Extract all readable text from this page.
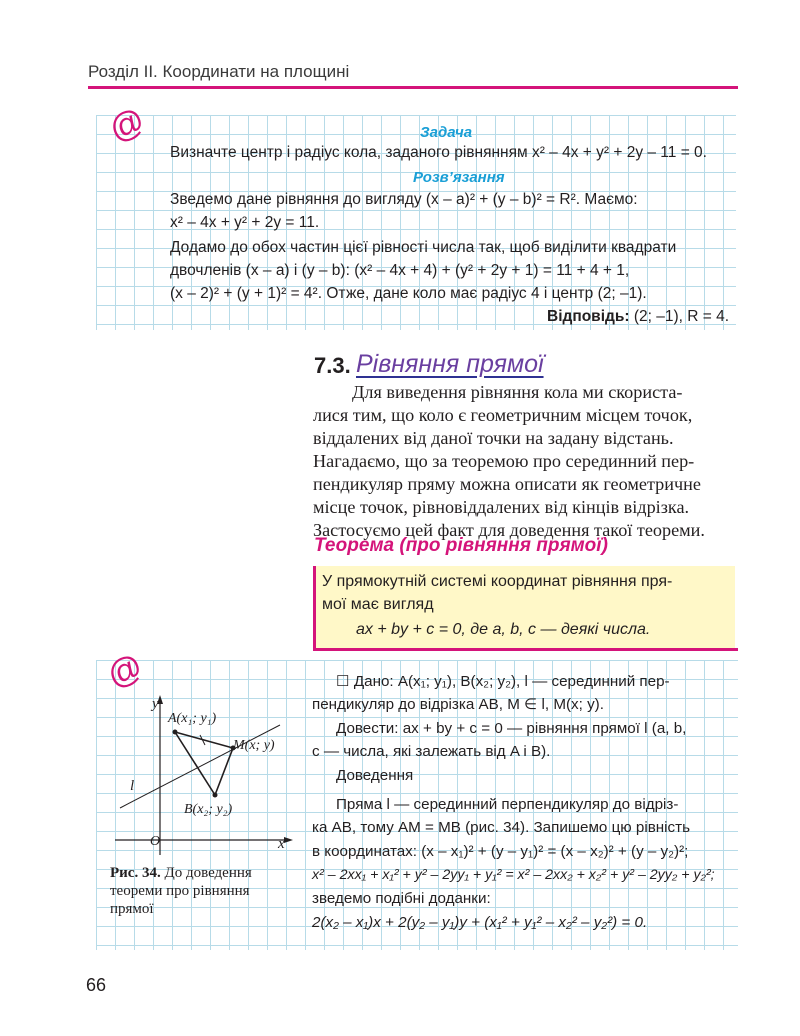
Розділ ІІ. Координати на площині
@	Задача
Визначте центр і радіус кола, заданого рівнянням x² – 4x + y² + 2y – 11 = 0.
Розв’язання
Зведемо дане рівняння до вигляду (x – a)² + (y – b)² = R². Маємо:
x² – 4x + y² + 2y = 11.
Додамо до обох частин цієї рівності числа так, щоб виділити квадрати
двочленів (x – a) і (y – b): (x² – 4x + 4) + (y² + 2y + 1) = 11 + 4 + 1,
(x – 2)² + (y + 1)² = 4². Отже, дане коло має радіус 4 і центр (2; –1).
Відповідь: (2; –1), R = 4.
7.3. Рівняння прямої
Для виведення рівняння кола ми скориста-
лися тим, що коло є геометричним місцем точок,
віддалених від даної точки на задану відстань.
Нагадаємо, що за теоремою про серединний пер-
пендикуляр пряму можна описати як геометричне
місце точок, рівновіддалених від кінців відрізка.
Застосуємо цей факт для доведення такої теореми.
Теорема (про рівняння прямої)
У прямокутній системі координат рівняння пря-
мої має вигляд
ax + by + c = 0, де a, b, c — деякі числа.
@
y
x
O
l
A(x₁; y₁)
M(x; y)
B(x₂; y₂)
Рис. 34. До доведення теореми про рівняння прямої
☐ Дано: A(x₁; y₁), B(x₂; y₂), l — серединний пер-
пендикуляр до відрізка AB, M ∈ l, M(x; y).
Довести: ax + by + c = 0 — рівняння прямої l (a, b,
c — числа, які залежать від A і B).
Доведення
Пряма l — серединний перпендикуляр до відріз-
ка AB, тому AM = MB (рис. 34). Запишемо цю рівність
в координатах: (x – x₁)² + (y – y₁)² = (x – x₂)² + (y – y₂)²;
x² – 2xx₁ + x₁² + y² – 2yy₁ + y₁² = x² – 2xx₂ + x₂² + y² – 2yy₂ + y₂²;
зведемо подібні доданки:
2(x₂ – x₁)x + 2(y₂ – y₁)y + (x₁² + y₁² – x₂² – y₂²) = 0.
66
